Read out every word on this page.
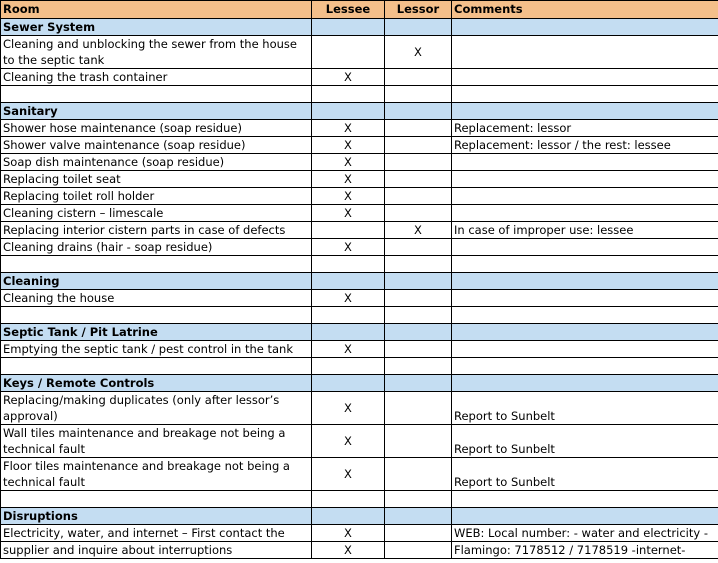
Room	Lessee	Lessor	Comments
Sewer System			
Cleaning and unblocking the sewer from the house to the septic tank		X	
Cleaning the trash container	X		

Sanitary			
Shower hose maintenance (soap residue)	X		Replacement: lessor
Shower valve maintenance (soap residue)	X		Replacement: lessor / the rest: lessee
Soap dish maintenance (soap residue)	X		
Replacing toilet seat	X		
Replacing toilet roll holder	X		
Cleaning cistern – limescale	X		
Replacing interior cistern parts in case of defects		X	In case of improper use: lessee
Cleaning drains (hair - soap residue)	X		

Cleaning			
Cleaning the house	X		

Septic Tank / Pit Latrine			
Emptying the septic tank / pest control in the tank	X		

Keys / Remote Controls			
Replacing/making duplicates (only after lessor’s approval)	X		Report to Sunbelt
Wall tiles maintenance and breakage not being a technical fault	X		Report to Sunbelt
Floor tiles maintenance and breakage not being a technical fault	X		Report to Sunbelt

Disruptions			
Electricity, water, and internet – First contact the	X		WEB: Local number: - water and electricity -
supplier and inquire about interruptions	X		Flamingo: 7178512 / 7178519 -internet-
